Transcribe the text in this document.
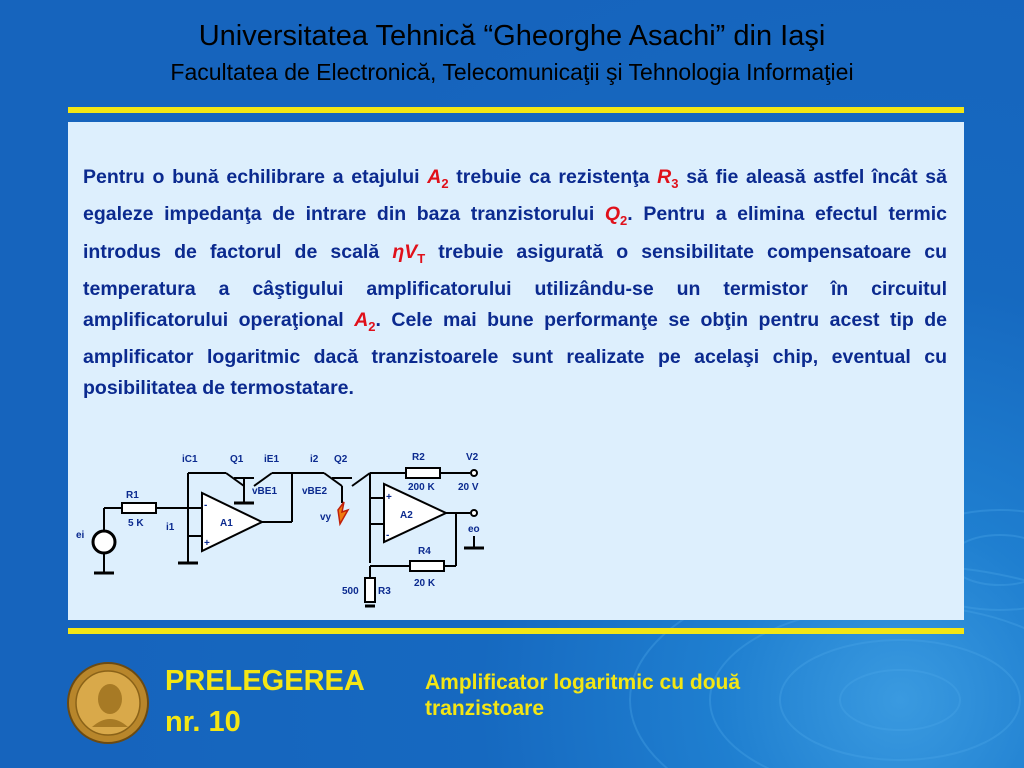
Universitatea Tehnică “Gheorghe Asachi” din Iaşi
Facultatea de Electronică, Telecomunicaţii şi Tehnologia Informaţiei
Pentru o bună echilibrare a etajului $A_2$ trebuie ca rezistenţa $R_3$ să fie aleasă astfel încât să egaleze impedanţa de intrare din baza tranzistorului $Q_2$. Pentru a elimina efectul termic introdus de factorul de scală $\eta V_T$ trebuie asigurată o sensibilitate compensatoare cu temperatura a câştigului amplificatorului utilizându-se un termistor în circuitul amplificatorului operaţional $A_2$. Cele mai bune performanţe se obţin pentru acest tip de amplificator logaritmic dacă tranzistoarele sunt realizate pe acelaşi chip, eventual cu posibilitatea de termostatare.
iC1	Q1 iE1	i2 Q2	R2	V2
200 K 20 V
vBE1 vBE2
R1
5 K	A1
A2
vy
ei
i1	eo
R4
20 K
500 R3
-
+
+
-
PRELEGEREA
nr. 10
Amplificator logaritmic cu două tranzistoare
